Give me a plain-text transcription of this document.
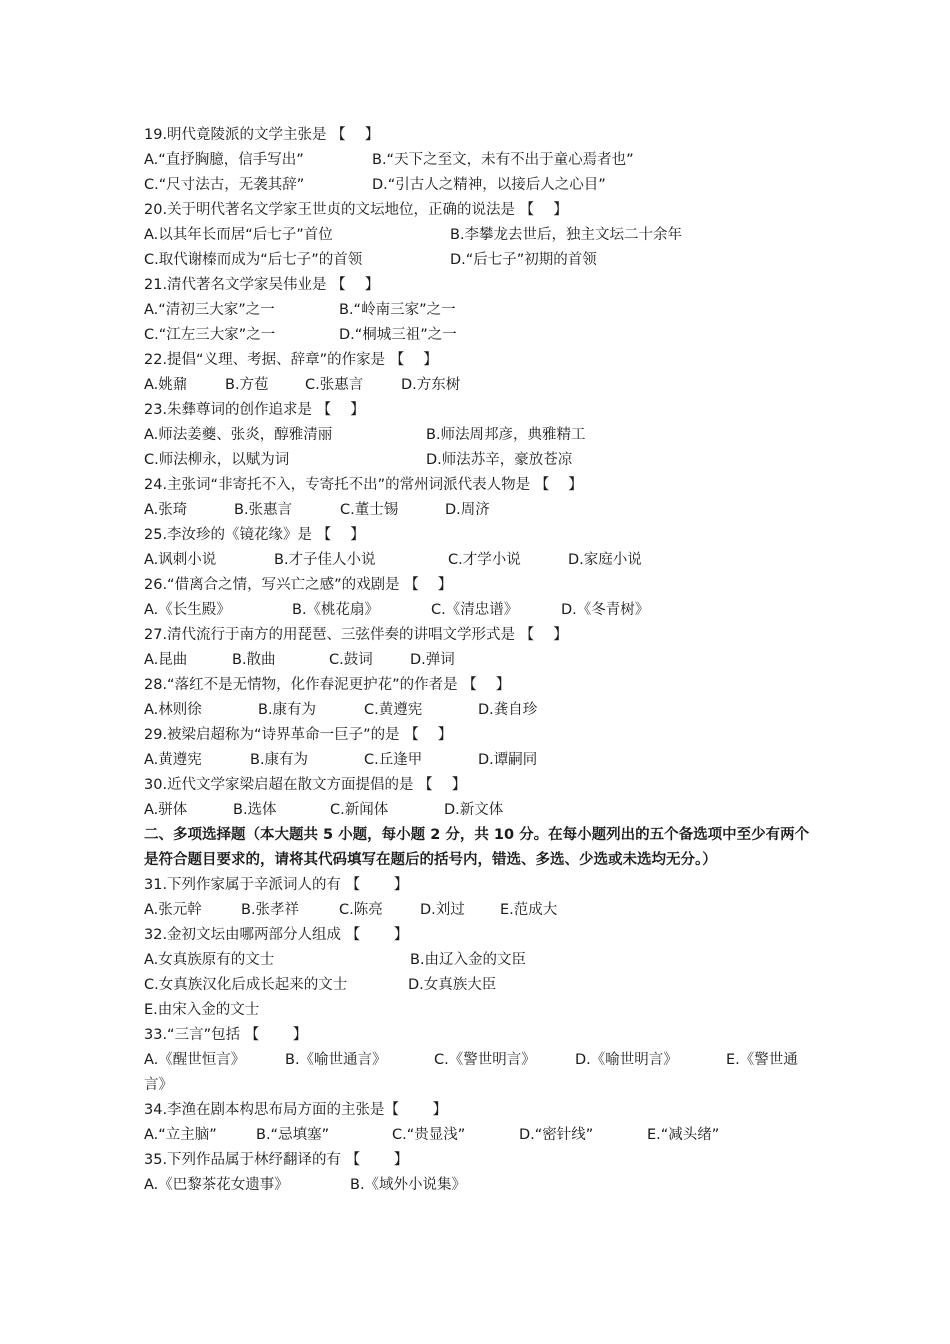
19.明代竟陵派的文学主张是 【　 】
A.“直抒胸臆，信手写出”	B.“天下之至文，未有不出于童心焉者也”
C.“尺寸法古，无袭其辞”	D.“引古人之精神，以接后人之心目”
20.关于明代著名文学家王世贞的文坛地位，正确的说法是 【　 】
A.以其年长而居“后七子”首位	B.李攀龙去世后，独主文坛二十余年
C.取代谢榛而成为“后七子”的首领	D.“后七子”初期的首领
21.清代著名文学家吴伟业是 【　 】
A.“清初三大家”之一	B.“岭南三家”之一
C.“江左三大家”之一	D.“桐城三祖”之一
22.提倡“义理、考据、辞章”的作家是 【　 】
A.姚鼐	B.方苞	C.张惠言	D.方东树
23.朱彝尊词的创作追求是 【　 】
A.师法姜夔、张炎，醇雅清丽	B.师法周邦彦，典雅精工
C.师法柳永，以赋为词	D.师法苏辛，豪放苍凉
24.主张词“非寄托不入，专寄托不出”的常州词派代表人物是 【　 】
A.张琦	B.张惠言	C.董士锡	D.周济
25.李汝珍的《镜花缘》是 【　 】
A.讽刺小说	B.才子佳人小说	C.才学小说	D.家庭小说
26.“借离合之情，写兴亡之感”的戏剧是 【　 】
A.《长生殿》	B.《桃花扇》	C.《清忠谱》	D.《冬青树》
27.清代流行于南方的用琵琶、三弦伴奏的讲唱文学形式是 【　 】
A.昆曲	B.散曲	C.鼓词	D.弹词
28.“落红不是无情物，化作春泥更护花”的作者是 【　 】
A.林则徐	B.康有为	C.黄遵宪	D.龚自珍
29.被梁启超称为“诗界革命一巨子”的是 【　 】
A.黄遵宪	B.康有为	C.丘逢甲	D.谭嗣同
30.近代文学家梁启超在散文方面提倡的是 【　 】
A.骈体	B.选体	C.新闻体	D.新文体
二、多项选择题（本大题共 5 小题，每小题 2 分，共 10 分。在每小题列出的五个备选项中至少有两个是符合题目要求的，请将其代码填写在题后的括号内，错选、多选、少选或未选均无分。）
31.下列作家属于辛派词人的有 【　　 】
A.张元幹	B.张孝祥	C.陈亮	D.刘过	E.范成大
32.金初文坛由哪两部分人组成 【　　 】
A.女真族原有的文士	B.由辽入金的文臣
C.女真族汉化后成长起来的文士	D.女真族大臣
E.由宋入金的文士
33.“三言”包括 【　　 】
A.《醒世恒言》	B.《喻世通言》	C.《警世明言》	D.《喻世明言》	E.《警世通
言》
34.李渔在剧本构思布局方面的主张是【　　 】
A.“立主脑”	B.“忌填塞”	C.“贵显浅”	D.“密针线”	E.“减头绪”
35.下列作品属于林纾翻译的有 【　　 】
A.《巴黎茶花女遗事》	B.《域外小说集》
